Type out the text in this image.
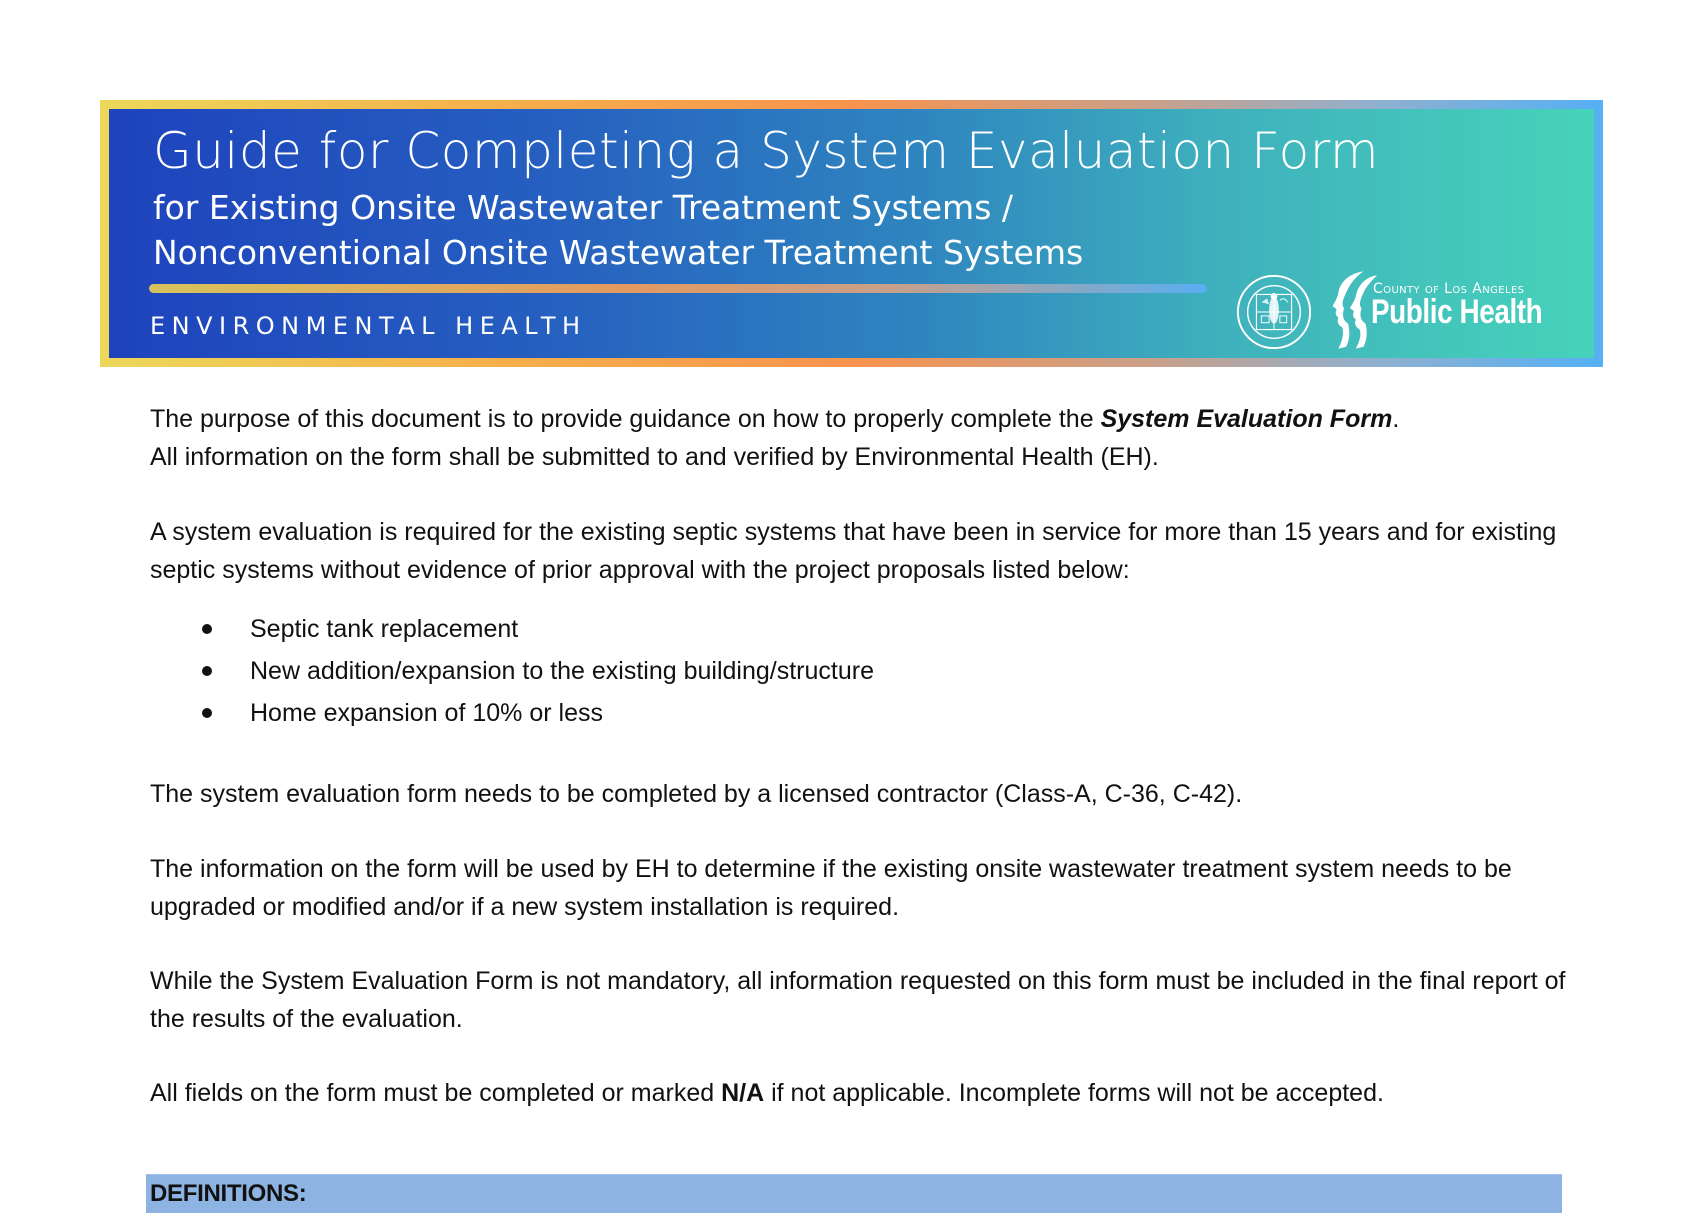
Guide for Completing a System Evaluation Form
for Existing Onsite Wastewater Treatment Systems /
Nonconventional Onsite Wastewater Treatment Systems
ENVIRONMENTAL HEALTH
County of Los Angeles
Public Health

The purpose of this document is to provide guidance on how to properly complete the System Evaluation Form.
All information on the form shall be submitted to and verified by Environmental Health (EH).

A system evaluation is required for the existing septic systems that have been in service for more than 15 years and for existing septic systems without evidence of prior approval with the project proposals listed below:

Septic tank replacement
New addition/expansion to the existing building/structure
Home expansion of 10% or less

The system evaluation form needs to be completed by a licensed contractor (Class-A, C-36, C-42).

The information on the form will be used by EH to determine if the existing onsite wastewater treatment system needs to be upgraded or modified and/or if a new system installation is required.

While the System Evaluation Form is not mandatory, all information requested on this form must be included in the final report of the results of the evaluation.

All fields on the form must be completed or marked N/A if not applicable. Incomplete forms will not be accepted.

DEFINITIONS:
